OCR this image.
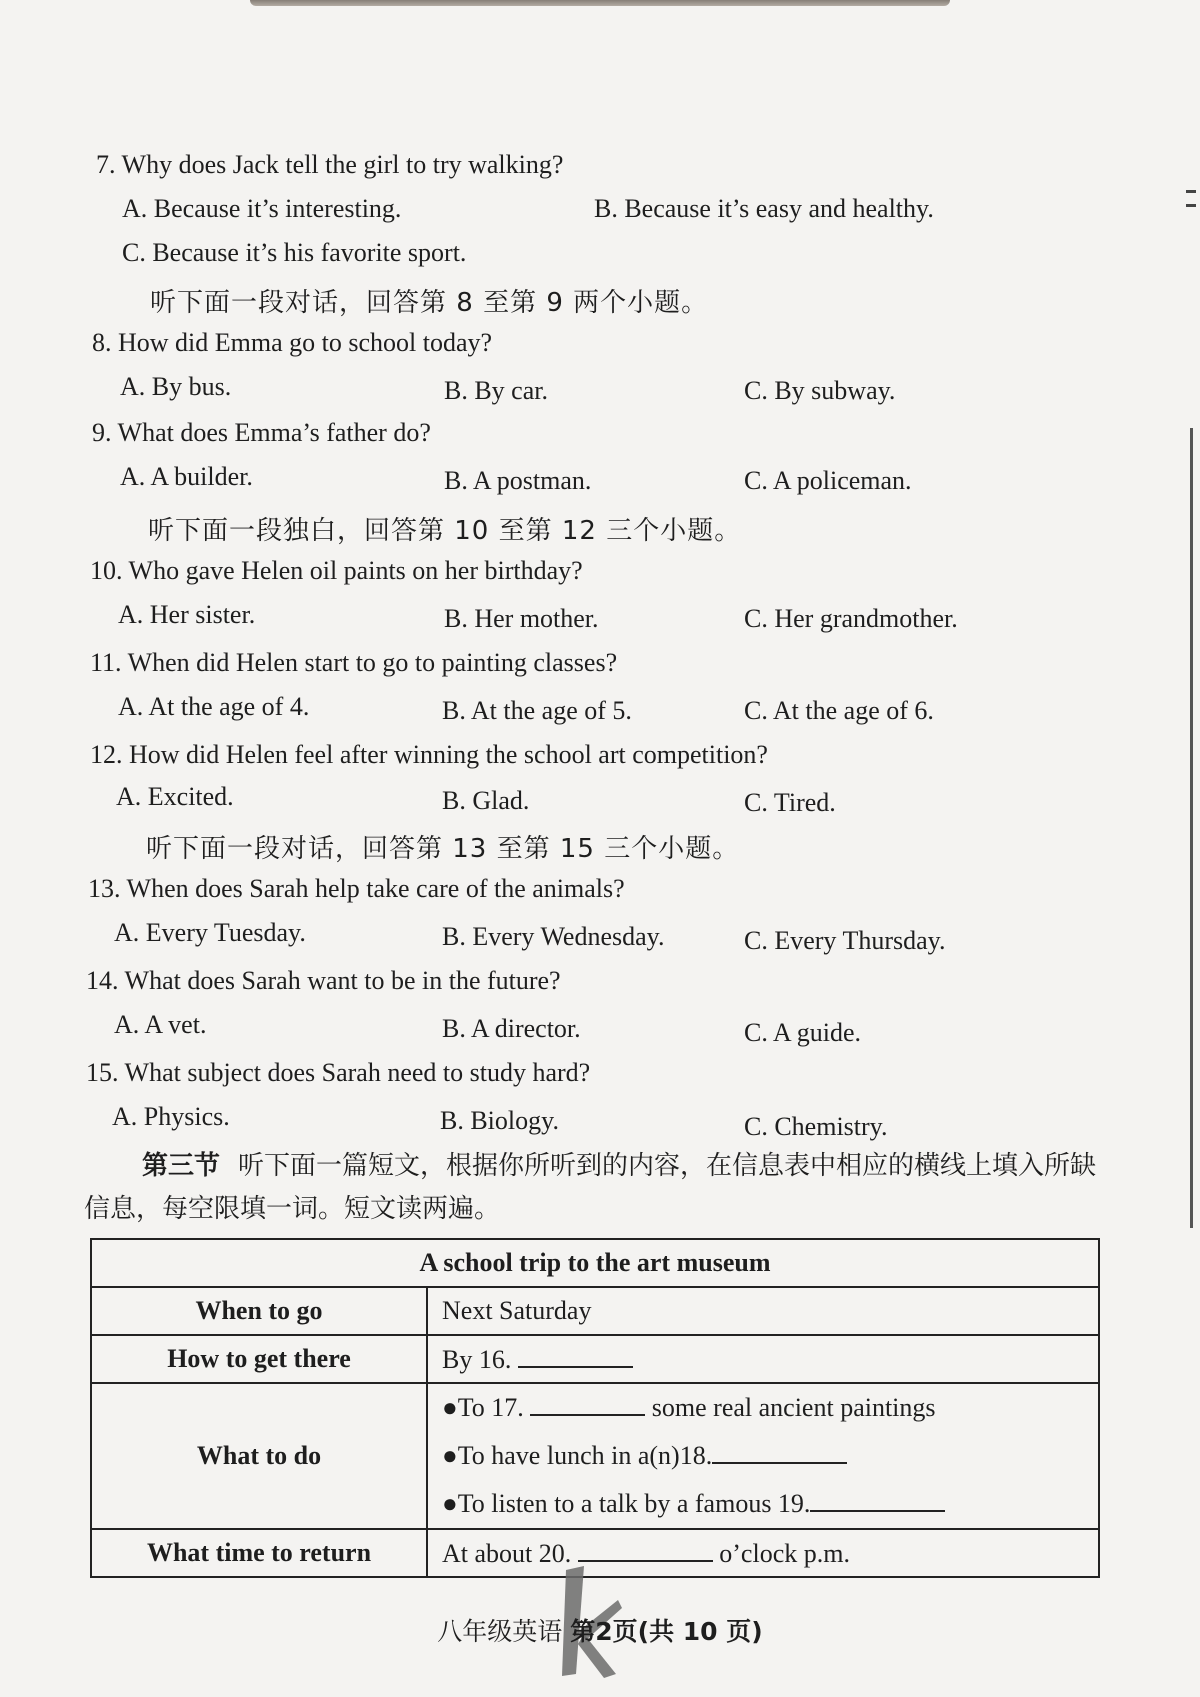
7. Why does Jack tell the girl to try walking?
A. Because it’s interesting.	B. Because it’s easy and healthy.
C. Because it’s his favorite sport.
听下面一段对话，回答第 8 至第 9 两个小题。
8. How did Emma go to school today?
A. By bus.	B. By car.	C. By subway.
9. What does Emma’s father do?
A. A builder.	B. A postman.	C. A policeman.
听下面一段独白，回答第 10 至第 12 三个小题。
10. Who gave Helen oil paints on her birthday?
A. Her sister.	B. Her mother.	C. Her grandmother.
11. When did Helen start to go to painting classes?
A. At the age of 4.	B. At the age of 5.	C. At the age of 6.
12. How did Helen feel after winning the school art competition?
A. Excited.	B. Glad.	C. Tired.
听下面一段对话，回答第 13 至第 15 三个小题。
13. When does Sarah help take care of the animals?
A. Every Tuesday.	B. Every Wednesday.	C. Every Thursday.
14. What does Sarah want to be in the future?
A. A vet.	B. A director.	C. A guide.
15. What subject does Sarah need to study hard?
A. Physics.	B. Biology.	C. Chemistry.
第三节 听下面一篇短文，根据你所听到的内容，在信息表中相应的横线上填入所缺信息，每空限填一词。短文读两遍。
A school trip to the art museum	
When to go	Next Saturday
How to get there	By 16.
What to do	●To 17. some real ancient paintings
●To have lunch in a(n)18.
●To listen to a talk by a famous 19.

What time to return	At about 20. o’clock p.m.
八年级英语 第2页(共 10 页)
